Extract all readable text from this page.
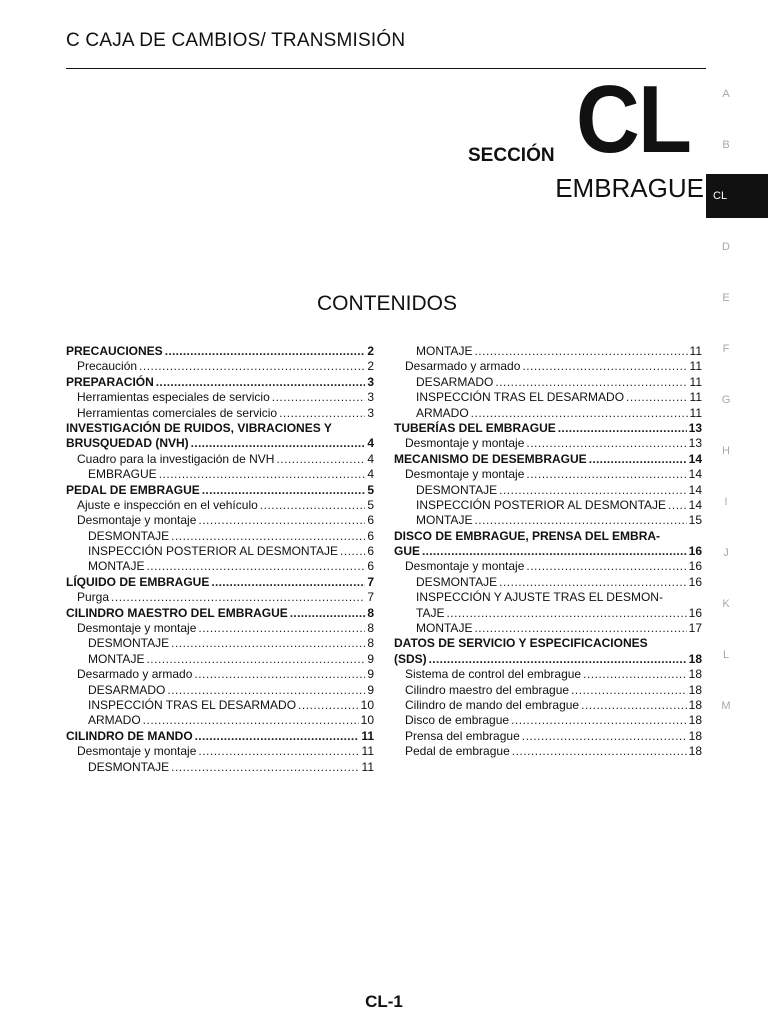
C CAJA DE CAMBIOS/ TRANSMISIÓN
A
B
CL
D
E
F
G
H
I
J
K
L
M
SECCIÓN CL
EMBRAGUE
CONTENIDOS
PRECAUCIONES .....	2
Precaución .....	2
PREPARACIÓN .....	3
Herramientas especiales de servicio .....	3
Herramientas comerciales de servicio .....	3
INVESTIGACIÓN DE RUIDOS, VIBRACIONES Y
BRUSQUEDAD (NVH) .....	4
Cuadro para la investigación de NVH .....	4
EMBRAGUE .....	4
PEDAL DE EMBRAGUE .....	5
Ajuste e inspección en el vehículo .....	5
Desmontaje y montaje .....	6
DESMONTAJE .....	6
INSPECCIÓN POSTERIOR AL DESMONTAJE ..... 6
MONTAJE .....	6
LÍQUIDO DE EMBRAGUE .....	7
Purga .....	7
CILINDRO MAESTRO DEL EMBRAGUE .....	8
Desmontaje y montaje .....	8
DESMONTAJE .....	8
MONTAJE .....	9
Desarmado y armado .....	9
DESARMADO .....	9
INSPECCIÓN TRAS EL DESARMADO .....	10
ARMADO .....	10
CILINDRO DE MANDO .....	11
Desmontaje y montaje .....	11
DESMONTAJE .....	11
MONTAJE .....	11
Desarmado y armado .....	11
DESARMADO .....	11
INSPECCIÓN TRAS EL DESARMADO .....	11
ARMADO .....	11
TUBERÍAS DEL EMBRAGUE .....	13
Desmontaje y montaje .....	13
MECANISMO DE DESEMBRAGUE .....	14
Desmontaje y montaje .....	14
DESMONTAJE .....	14
INSPECCIÓN POSTERIOR AL DESMONTAJE ..... 14
MONTAJE .....	15
DISCO DE EMBRAGUE, PRENSA DEL EMBRA-
GUE .....	16
Desmontaje y montaje .....	16
DESMONTAJE .....	16
INSPECCIÓN Y AJUSTE TRAS EL DESMON-
TAJE .....	16
MONTAJE .....	17
DATOS DE SERVICIO Y ESPECIFICACIONES
(SDS) .....	18
Sistema de control del embrague .....	18
Cilindro maestro del embrague .....	18
Cilindro de mando del embrague .....	18
Disco de embrague .....	18
Prensa del embrague .....	18
Pedal de embrague .....	18
CL-1
